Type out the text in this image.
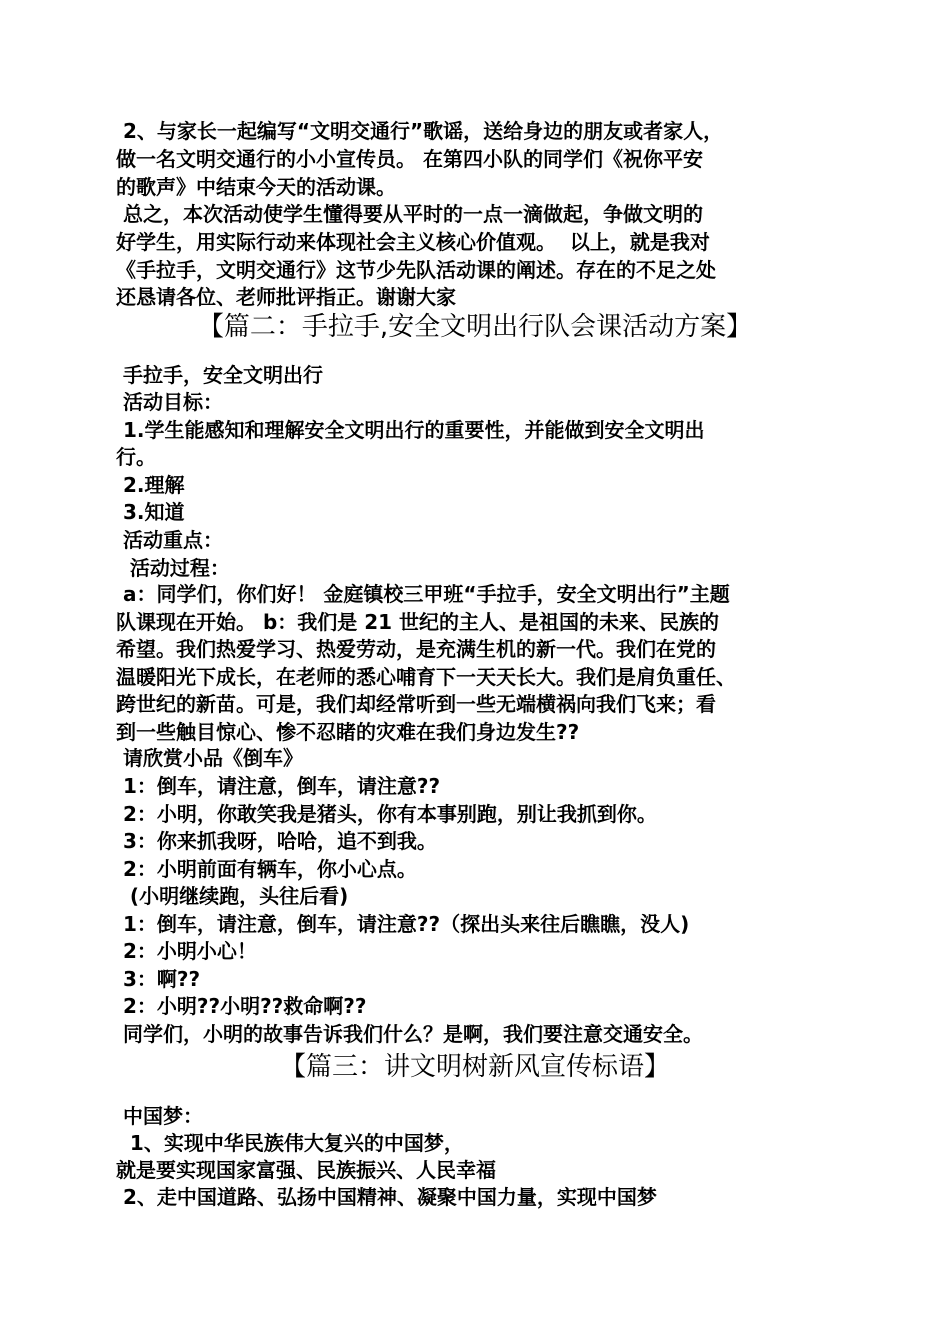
2、与家长一起编写“文明交通行”歌谣，送给身边的朋友或者家人，
做一名文明交通行的小小宣传员。 在第四小队的同学们《祝你平安
的歌声》中结束今天的活动课。
总之，本次活动使学生懂得要从平时的一点一滴做起，争做文明的
好学生，用实际行动来体现社会主义核心价值观。  以上，就是我对
《手拉手，文明交通行》这节少先队活动课的阐述。存在的不足之处
还恳请各位、老师批评指正。谢谢大家
【篇二：手拉手,安全文明出行队会课活动方案】
手拉手，安全文明出行
活动目标：
1.学生能感知和理解安全文明出行的重要性，并能做到安全文明出
行。
2.理解
3.知道
活动重点：
活动过程：
a：同学们，你们好！ 金庭镇校三甲班“手拉手，安全文明出行”主题
队课现在开始。 b：我们是 21 世纪的主人、是祖国的未来、民族的
希望。我们热爱学习、热爱劳动，是充满生机的新一代。我们在党的
温暖阳光下成长，在老师的悉心哺育下一天天长大。我们是肩负重任、
跨世纪的新苗。可是，我们却经常听到一些无端横祸向我们飞来；看
到一些触目惊心、惨不忍睹的灾难在我们身边发生??
请欣赏小品《倒车》
1：倒车，请注意，倒车，请注意??
2：小明，你敢笑我是猪头，你有本事别跑，别让我抓到你。
3：你来抓我呀，哈哈，追不到我。
2：小明前面有辆车，你小心点。
(小明继续跑，头往后看)
1：倒车，请注意，倒车，请注意??（探出头来往后瞧瞧，没人)
2：小明小心！
3：啊??
2：小明??小明??救命啊??
同学们，小明的故事告诉我们什么？是啊，我们要注意交通安全。
【篇三：讲文明树新风宣传标语】
中国梦：
1、实现中华民族伟大复兴的中国梦，
就是要实现国家富强、民族振兴、人民幸福
2、走中国道路、弘扬中国精神、凝聚中国力量，实现中国梦
